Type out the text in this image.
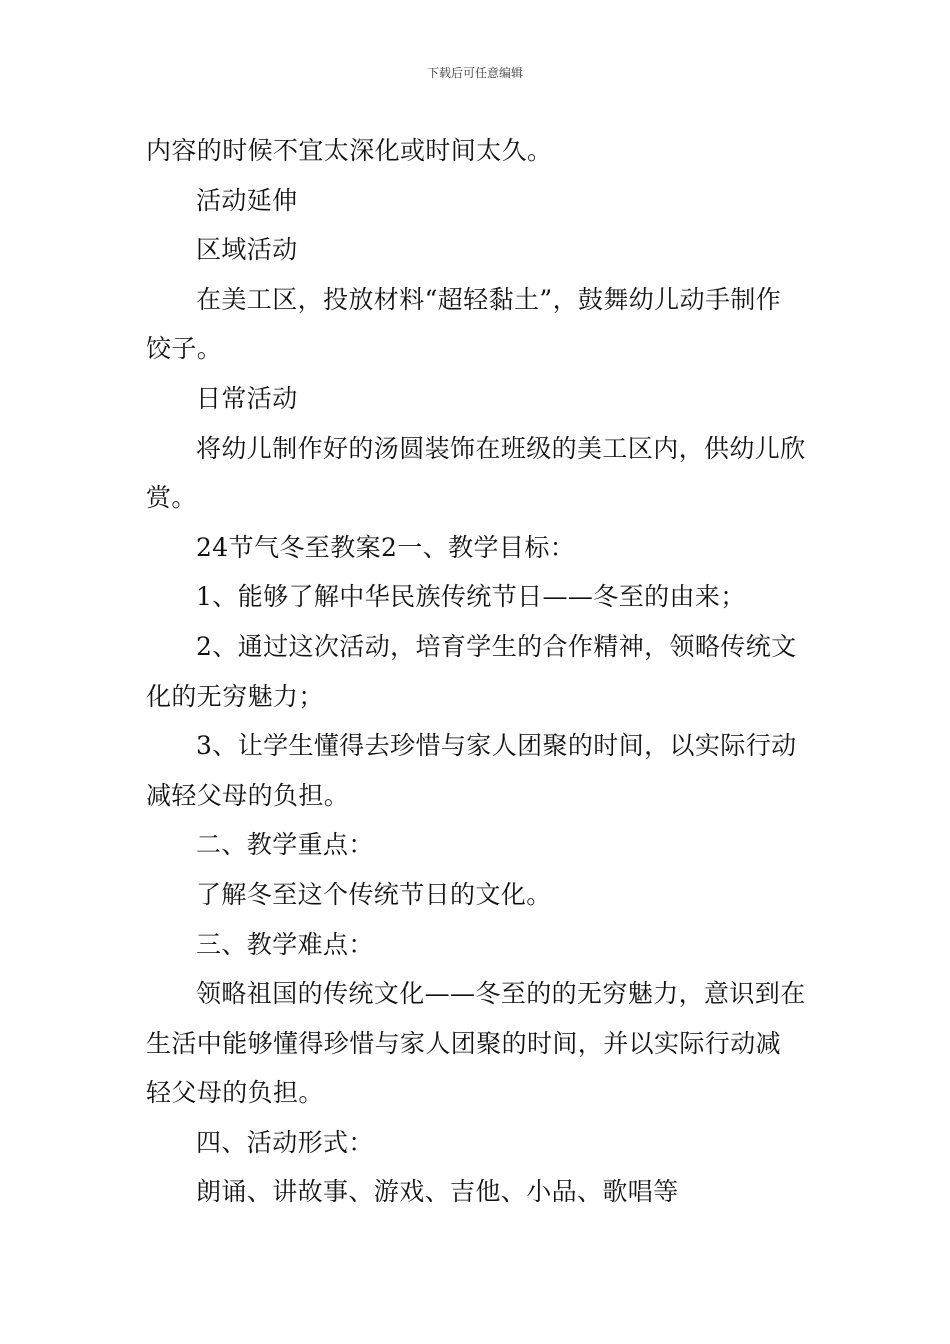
下载后可任意编辑

内容的时候不宜太深化或时间太久。

活动延伸

区域活动

在美工区，投放材料“超轻黏土”，鼓舞幼儿动手制作饺子。

日常活动

将幼儿制作好的汤圆装饰在班级的美工区内，供幼儿欣赏。

24节气冬至教案2一、教学目标：

1、能够了解中华民族传统节日——冬至的由来；

2、通过这次活动，培育学生的合作精神，领略传统文化的无穷魅力；

3、让学生懂得去珍惜与家人团聚的时间，以实际行动减轻父母的负担。

二、教学重点：

了解冬至这个传统节日的文化。

三、教学难点：

领略祖国的传统文化——冬至的的无穷魅力，意识到在生活中能够懂得珍惜与家人团聚的时间，并以实际行动减轻父母的负担。

四、活动形式：

朗诵、讲故事、游戏、吉他、小品、歌唱等
